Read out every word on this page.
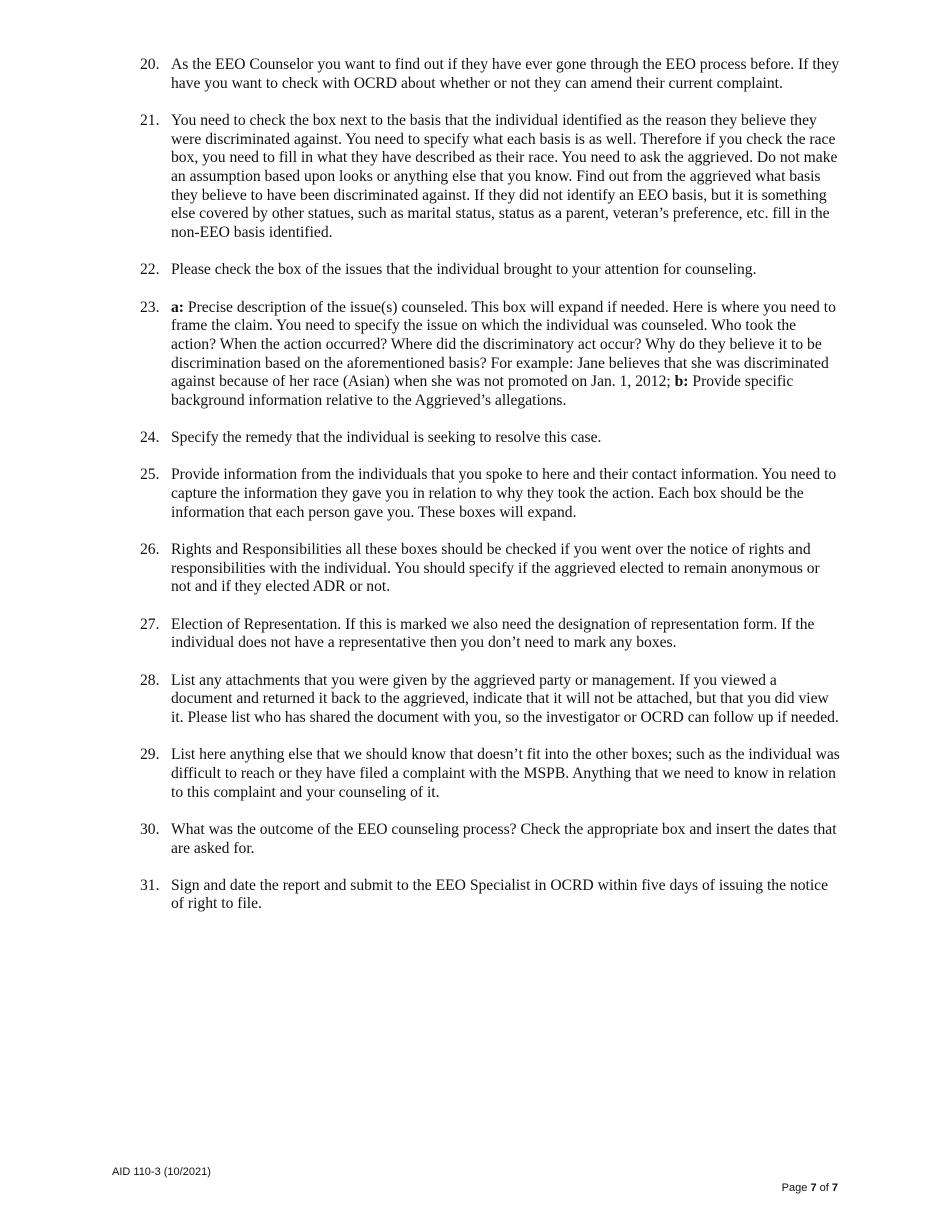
20. As the EEO Counselor you want to find out if they have ever gone through the EEO process before. If they have you want to check with OCRD about whether or not they can amend their current complaint.
21. You need to check the box next to the basis that the individual identified as the reason they believe they were discriminated against. You need to specify what each basis is as well. Therefore if you check the race box, you need to fill in what they have described as their race. You need to ask the aggrieved. Do not make an assumption based upon looks or anything else that you know. Find out from the aggrieved what basis they believe to have been discriminated against. If they did not identify an EEO basis, but it is something else covered by other statues, such as marital status, status as a parent, veteran’s preference, etc. fill in the non-EEO basis identified.
22. Please check the box of the issues that the individual brought to your attention for counseling.
23. a: Precise description of the issue(s) counseled. This box will expand if needed. Here is where you need to frame the claim. You need to specify the issue on which the individual was counseled. Who took the action? When the action occurred? Where did the discriminatory act occur? Why do they believe it to be discrimination based on the aforementioned basis? For example: Jane believes that she was discriminated against because of her race (Asian) when she was not promoted on Jan. 1, 2012; b: Provide specific background information relative to the Aggrieved’s allegations.
24. Specify the remedy that the individual is seeking to resolve this case.
25. Provide information from the individuals that you spoke to here and their contact information. You need to capture the information they gave you in relation to why they took the action. Each box should be the information that each person gave you. These boxes will expand.
26. Rights and Responsibilities all these boxes should be checked if you went over the notice of rights and responsibilities with the individual. You should specify if the aggrieved elected to remain anonymous or not and if they elected ADR or not.
27. Election of Representation. If this is marked we also need the designation of representation form. If the individual does not have a representative then you don’t need to mark any boxes.
28. List any attachments that you were given by the aggrieved party or management. If you viewed a document and returned it back to the aggrieved, indicate that it will not be attached, but that you did view it. Please list who has shared the document with you, so the investigator or OCRD can follow up if needed.
29. List here anything else that we should know that doesn’t fit into the other boxes; such as the individual was difficult to reach or they have filed a complaint with the MSPB. Anything that we need to know in relation to this complaint and your counseling of it.
30. What was the outcome of the EEO counseling process? Check the appropriate box and insert the dates that are asked for.
31. Sign and date the report and submit to the EEO Specialist in OCRD within five days of issuing the notice of right to file.
AID 110-3 (10/2021)
Page 7 of 7
